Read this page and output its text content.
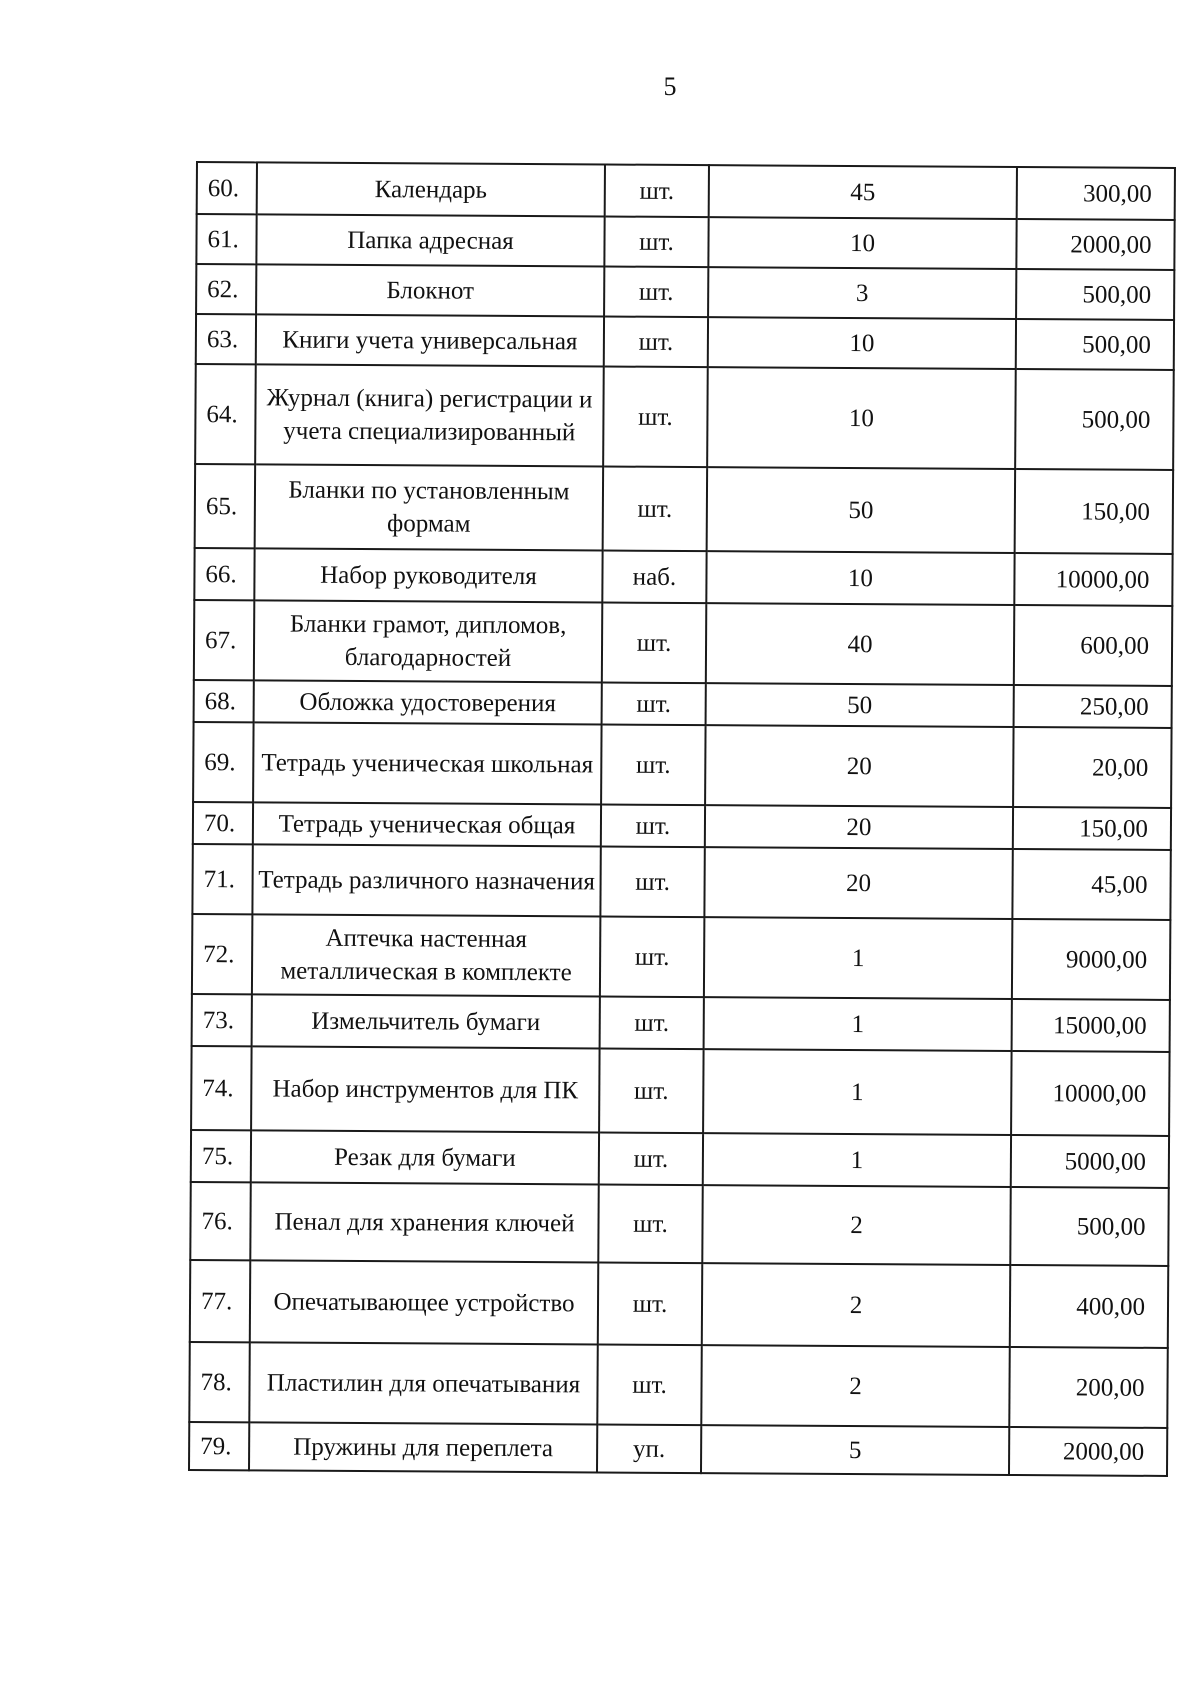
5
60.	Календарь	шт.	45	300,00
61.	Папка адресная	шт.	10	2000,00
62.	Блокнот	шт.	3	500,00
63.	Книги учета универсальная	шт.	10	500,00
64.	Журнал (книга) регистрации и учета специализированный	шт.	10	500,00
65.	Бланки по установленным формам	шт.	50	150,00
66.	Набор руководителя	наб.	10	10000,00
67.	Бланки грамот, дипломов, благодарностей	шт.	40	600,00
68.	Обложка удостоверения	шт.	50	250,00
69.	Тетрадь ученическая школьная	шт.	20	20,00
70.	Тетрадь ученическая общая	шт.	20	150,00
71.	Тетрадь различного назначения	шт.	20	45,00
72.	Аптечка настенная металлическая в комплекте	шт.	1	9000,00
73.	Измельчитель бумаги	шт.	1	15000,00
74.	Набор инструментов для ПК	шт.	1	10000,00
75.	Резак для бумаги	шт.	1	5000,00
76.	Пенал для хранения ключей	шт.	2	500,00
77.	Опечатывающее устройство	шт.	2	400,00
78.	Пластилин для опечатывания	шт.	2	200,00
79.	Пружины для переплета	уп.	5	2000,00
